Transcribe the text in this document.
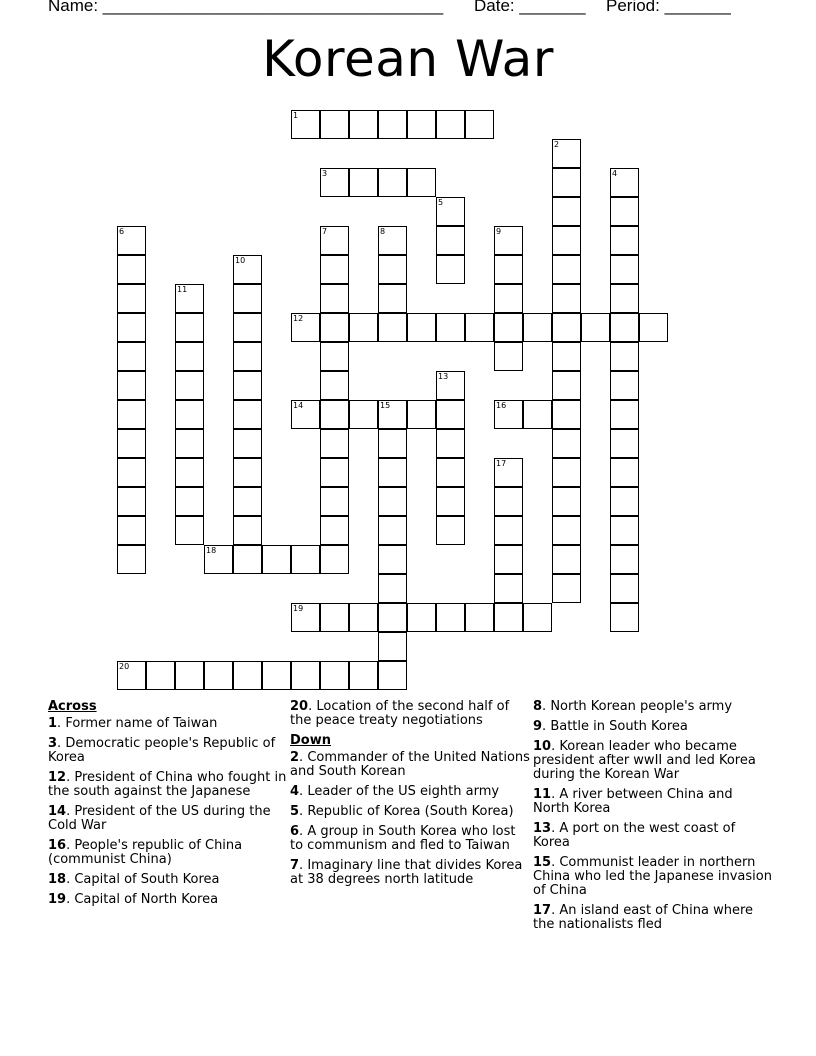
Name: ____________________________________ Date: _______ Period: _______
Korean War
1
3
12
14	16
18
19
20
2
4
5
6	7	8	9
10
11
13
15
17
Across
1. Former name of Taiwan
3. Democratic people's Republic of Korea
12. President of China who fought in the south against the Japanese
14. President of the US during the Cold War
16. People's republic of China (communist China)
18. Capital of South Korea
19. Capital of North Korea
20. Location of the second half of the peace treaty negotiations
Down
2. Commander of the United Nations and South Korean
4. Leader of the US eighth army
5. Republic of Korea (South Korea)
6. A group in South Korea who lost to communism and fled to Taiwan
7. Imaginary line that divides Korea at 38 degrees north latitude
8. North Korean people's army
9. Battle in South Korea
10. Korean leader who became president after wwII and led Korea during the Korean War
11. A river between China and North Korea
13. A port on the west coast of Korea
15. Communist leader in northern China who led the Japanese invasion of China
17. An island east of China where the nationalists fled
